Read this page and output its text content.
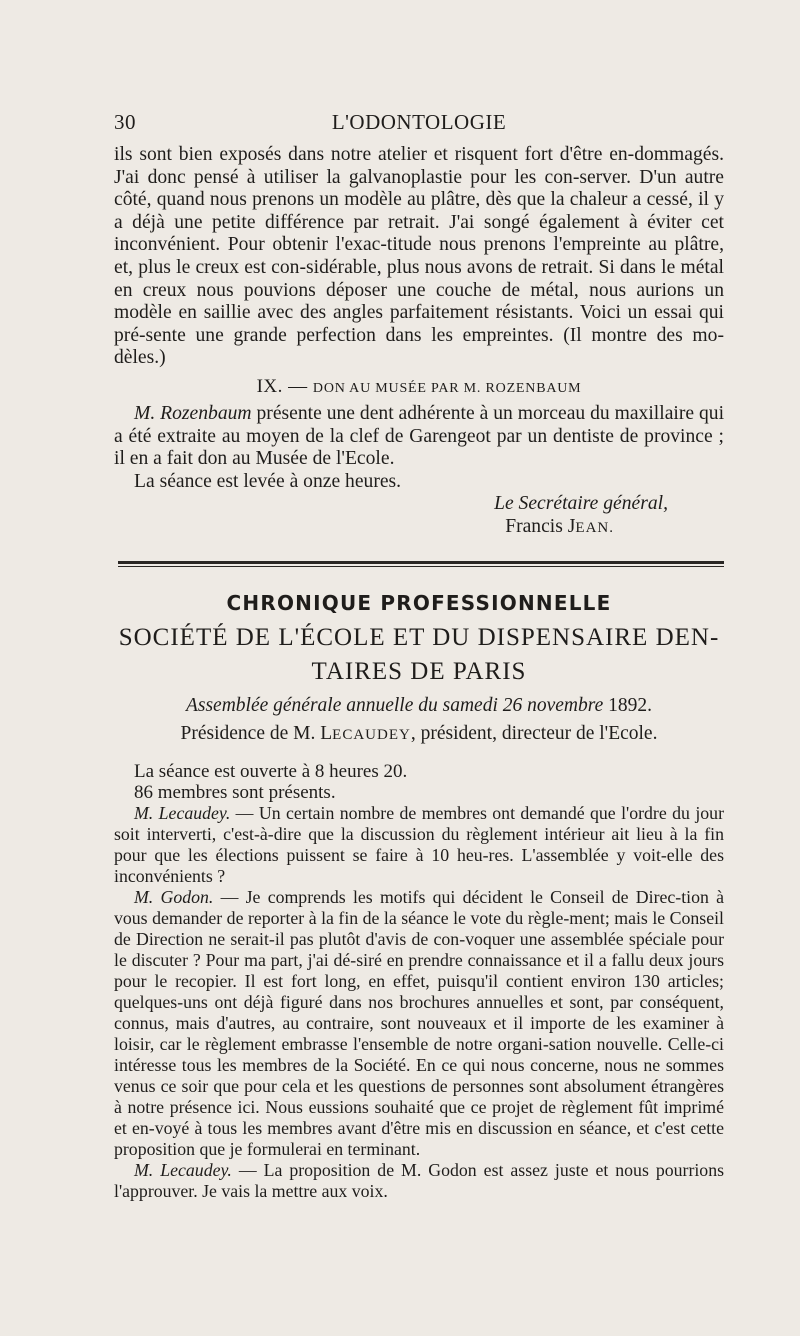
30	L'ODONTOLOGIE

ils sont bien exposés dans notre atelier et risquent fort d'être en-dommagés. J'ai donc pensé à utiliser la galvanoplastie pour les con-server. D'un autre côté, quand nous prenons un modèle au plâtre, dès que la chaleur a cessé, il y a déjà une petite différence par retrait. J'ai songé également à éviter cet inconvénient. Pour obtenir l'exac-titude nous prenons l'empreinte au plâtre, et, plus le creux est con-sidérable, plus nous avons de retrait. Si dans le métal en creux nous pouvions déposer une couche de métal, nous aurions un modèle en saillie avec des angles parfaitement résistants. Voici un essai qui pré-sente une grande perfection dans les empreintes. (Il montre des mo-dèles.)

IX. — DON AU MUSÉE PAR M. ROZENBAUM

M. Rozenbaum présente une dent adhérente à un morceau du maxillaire qui a été extraite au moyen de la clef de Garengeot par un dentiste de province ; il en a fait don au Musée de l'Ecole.

La séance est levée à onze heures.

Le Secrétaire général,

Francis JEAN.
CHRONIQUE PROFESSIONNELLE
SOCIÉTÉ DE L'ÉCOLE ET DU DISPENSAIRE DEN-
TAIRES DE PARIS
Assemblée générale annuelle du samedi 26 novembre 1892.
Présidence de M. LECAUDEY, président, directeur de l'Ecole.

La séance est ouverte à 8 heures 20.

86 membres sont présents.

M. Lecaudey. — Un certain nombre de membres ont demandé que l'ordre du jour soit interverti, c'est-à-dire que la discussion du règlement intérieur ait lieu à la fin pour que les élections puissent se faire à 10 heu-res. L'assemblée y voit-elle des inconvénients ?

M. Godon. — Je comprends les motifs qui décident le Conseil de Direc-tion à vous demander de reporter à la fin de la séance le vote du règle-ment; mais le Conseil de Direction ne serait-il pas plutôt d'avis de con-voquer une assemblée spéciale pour le discuter ? Pour ma part, j'ai dé-siré en prendre connaissance et il a fallu deux jours pour le recopier. Il est fort long, en effet, puisqu'il contient environ 130 articles; quelques-uns ont déjà figuré dans nos brochures annuelles et sont, par conséquent, connus, mais d'autres, au contraire, sont nouveaux et il importe de les examiner à loisir, car le règlement embrasse l'ensemble de notre organi-sation nouvelle. Celle-ci intéresse tous les membres de la Société. En ce qui nous concerne, nous ne sommes venus ce soir que pour cela et les questions de personnes sont absolument étrangères à notre présence ici. Nous eussions souhaité que ce projet de règlement fût imprimé et en-voyé à tous les membres avant d'être mis en discussion en séance, et c'est cette proposition que je formulerai en terminant.

M. Lecaudey. — La proposition de M. Godon est assez juste et nous pourrions l'approuver. Je vais la mettre aux voix.
